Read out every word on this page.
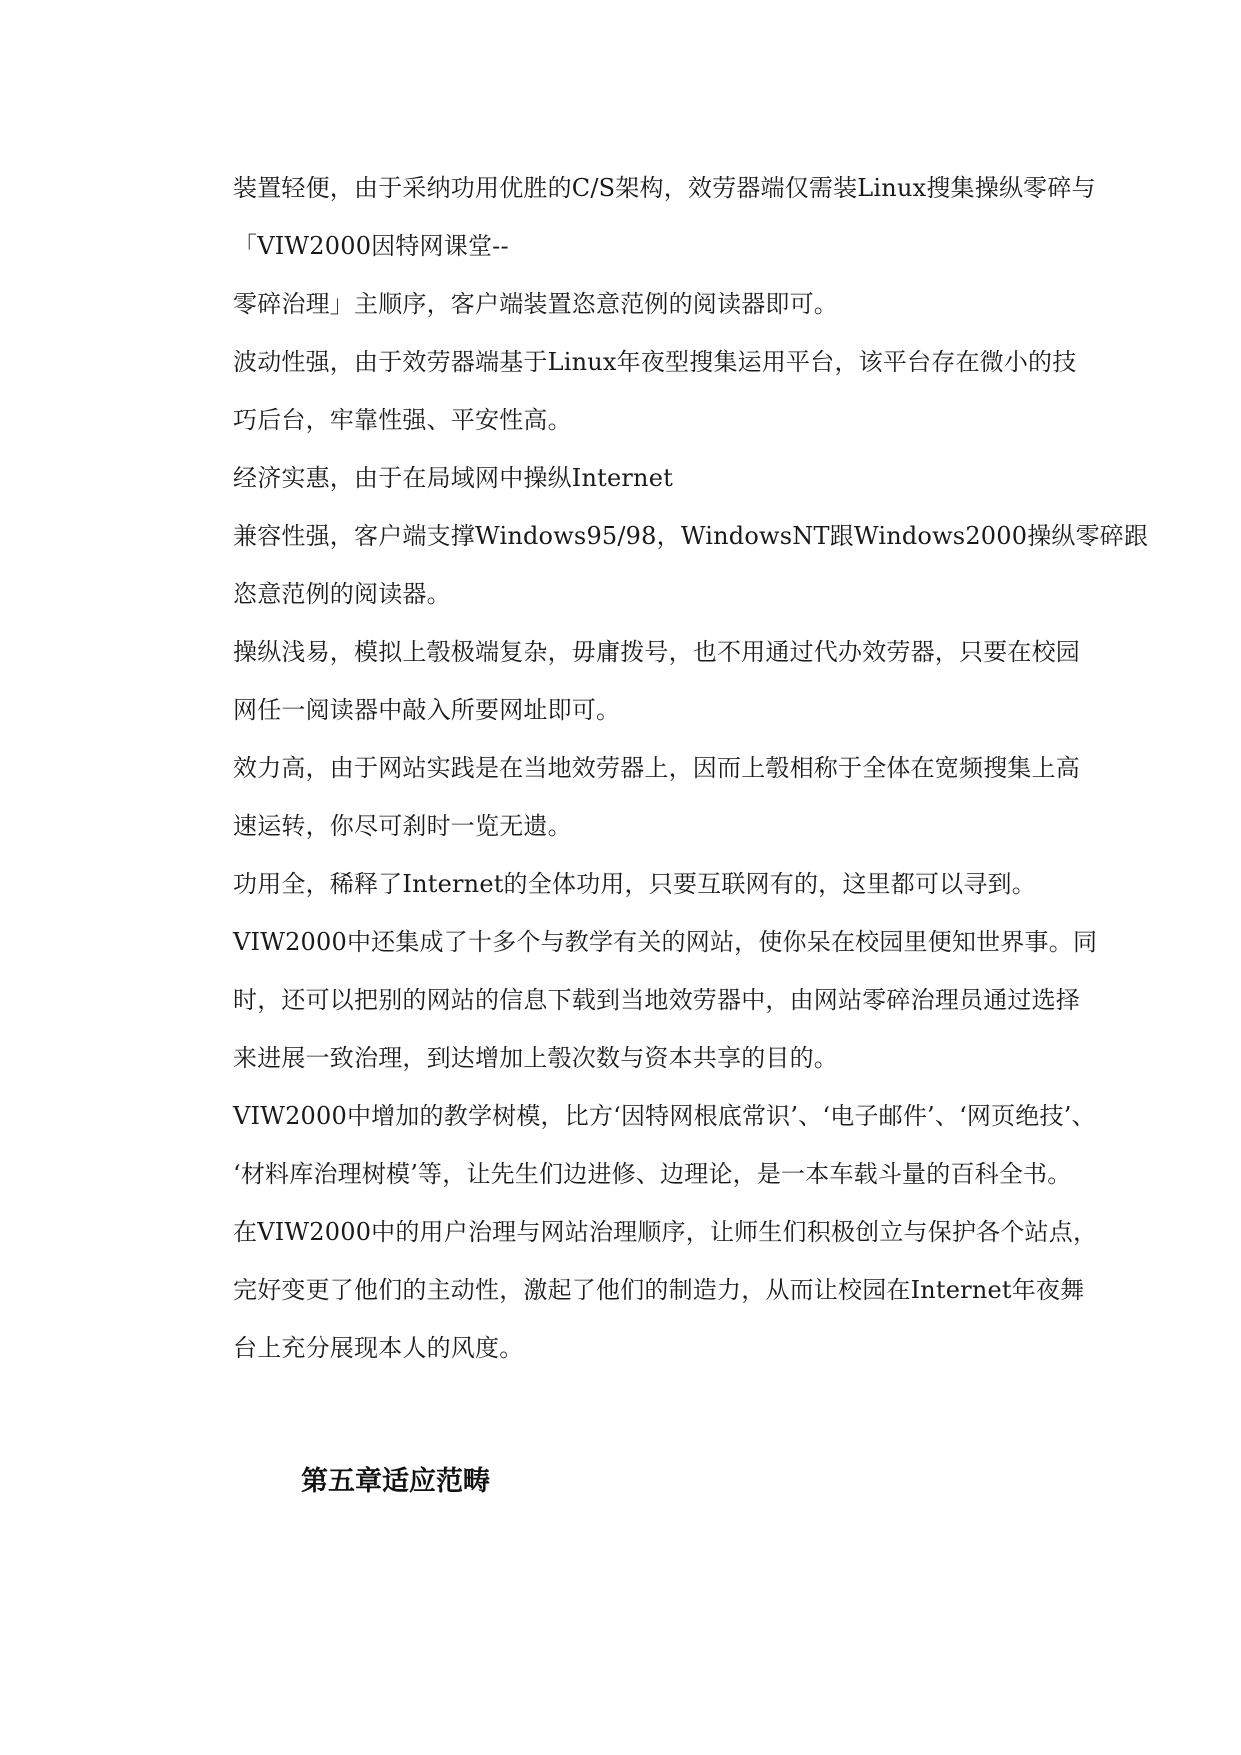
装置轻便，由于采纳功用优胜的C/S架构，效劳器端仅需装Linux搜集操纵零碎与
「VIW2000因特网课堂--
零碎治理」主顺序，客户端装置恣意范例的阅读器即可。
波动性强，由于效劳器端基于Linux年夜型搜集运用平台，该平台存在微小的技
巧后台，牢靠性强、平安性高。
经济实惠，由于在局域网中操纵Internet
兼容性强，客户端支撑Windows95/98，WindowsNT跟Windows2000操纵零碎跟
恣意范例的阅读器。
操纵浅易，模拟上彀极端复杂，毋庸拨号，也不用通过代办效劳器，只要在校园
网任一阅读器中敲入所要网址即可。
效力高，由于网站实践是在当地效劳器上，因而上彀相称于全体在宽频搜集上高
速运转，你尽可刹时一览无遗。
功用全，稀释了Internet的全体功用，只要互联网有的，这里都可以寻到。
VIW2000中还集成了十多个与教学有关的网站，使你呆在校园里便知世界事。同
时，还可以把别的网站的信息下载到当地效劳器中，由网站零碎治理员通过选择
来进展一致治理，到达增加上彀次数与资本共享的目的。
VIW2000中增加的教学树模，比方‘因特网根底常识’、‘电子邮件’、‘网页绝技’、
‘材料库治理树模’等，让先生们边进修、边理论，是一本车载斗量的百科全书。
在VIW2000中的用户治理与网站治理顺序，让师生们积极创立与保护各个站点，
完好变更了他们的主动性，激起了他们的制造力，从而让校园在Internet年夜舞
台上充分展现本人的风度。
第五章适应范畴
